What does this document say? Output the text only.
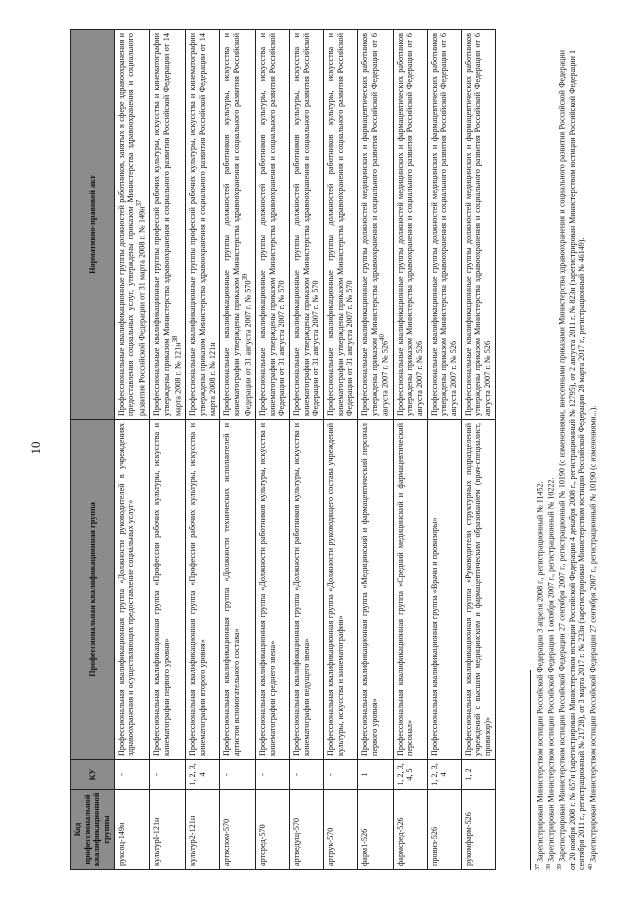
10
Код профессиональной квалификационной группы	КУ	Профессиональная квалификационная группа	Нормативно-правовой акт
руксоц-149н	-	Профессиональная квалификационная группа «Должности руководителей в учреждениях здравоохранения и осуществляющих предоставление социальных услуг»	Профессиональные квалификационные группы должностей работников, занятых в сфере здравоохранения и предоставления социальных услуг, утверждены приказом Министерства здравоохранения и социального развития Российской Федерации от 31 марта 2008 г. № $149н^{37}$
культуpl-121н	-	Профессиональная квалификационная группа «Профессии рабочих культуры, искусства и кинематографии первого уровня»	Профессиональные квалификационные группы профессий рабочих культуры, искусства и кинематографии утверждены приказом Министерства здравоохранения и социального развития Российской Федерации от 14 марта 2008 г. № $121н^{38}$
культур2-121н	1, 2, 3, 4	Профессиональная квалификационная группа «Профессии рабочих культуры, искусства и кинематографии второго уровня»	Профессиональные квалификационные группы профессий рабочих культуры, искусства и кинематографии утверждены приказом Министерства здравоохранения и социального развития Российской Федерации от 14 марта 2008 г. № 121н
артвспом-570	-	Профессиональная квалификационная группа «Должности технических исполнителей и артистов вспомогательного состава»	Профессиональные квалификационные группы должностей работников культуры, искусства и кинематографии утверждены приказом Министерства здравоохранения и социального развития Российской Федерации от 31 августа 2007 г. № $570^{39}$
артсред-570	-	Профессиональная квалификационная группа «Должности работников культуры, искусства и кинематографии среднего звена»	Профессиональные квалификационные группы должностей работников культуры, искусства и кинематографии утверждены приказом Министерства здравоохранения и социального развития Российской Федерации от 31 августа 2007 г. № 570
артведущ-570	-	Профессиональная квалификационная группа «Должности работников культуры, искусства и кинематографии ведущего звена»	Профессиональные квалификационные группы должностей работников культуры, искусства и кинематографии утверждены приказом Министерства здравоохранения и социального развития Российской Федерации от 31 августа 2007 г. № 570
артрук-570	-	Профессиональная квалификационная группа «Должности руководящего состава учреждений культуры, искусства и кинематографии»	Профессиональные квалификационные группы должностей работников культуры, искусства и кинематографии утверждены приказом Министерства здравоохранения и социального развития Российской Федерации от 31 августа 2007 г. № 570
фарм1-526	1	Профессиональная квалификационная группа «Медицинский и фармацевтический персонал первого уровня»	Профессиональные квалификационные группы должностей медицинских и фармацевтических работников утверждены приказом Министерства здравоохранения и социального развития Российской Федерации от 6 августа 2007 г. № $526^{40}$
фармсред-526	1, 2, 3, 4, 5	Профессиональная квалификационная группа «Средний медицинский и фармацевтический персонал»	Профессиональные квалификационные группы должностей медицинских и фармацевтических работников утверждены приказом Министерства здравоохранения и социального развития Российской Федерации от 6 августа 2007 г. № 526
провиз-526	1, 2, 3, 4	Профессиональная квалификационная группа «Врачи и провизоры»	Профессиональные квалификационные группы должностей медицинских и фармацевтических работников утверждены приказом Министерства здравоохранения и социального развития Российской Федерации от 6 августа 2007 г. № 526
рукомфарм-526	1, 2	Профессиональная квалификационная группа «Руководители структурных подразделений учреждений с высшим медицинским и фармацевтическим образованием (врач-специалист, провизор)»	Профессиональные квалификационные группы должностей медицинских и фармацевтических работников утверждены приказом Министерства здравоохранения и социального развития Российской Федерации от 6 августа 2007 г. № 526

$^{37}$ Зарегистрирован Министерством юстиции Российской Федерации 3 апреля 2008 г., регистрационный № 11452.

$^{38}$ Зарегистрирован Министерством юстиции Российской Федерации 1 октября 2007 г., регистрационный № 10222.

$^{39}$ Зарегистрирован Министерством юстиции Российской Федерации 27 сентября 2007 г., регистрационный № 10190 (с изменениями, внесенными приказами Министерства здравоохранения и социального развития Российской Федерации от 20 ноября 2008 г. № 657н (зарегистрирован Министерством юстиции Российской Федерации 4 декабря 2008 г., регистрационный № 12795), от 2 августа 2011 г. № 823н (зарегистрирован Министерством юстиции Российской Федерации 1 сентября 2011 г., регистрационный № 21728), от 3 марта 2017 г. № 233н (зарегистрирован Министерством юстиции Российской Федерации 28 марта 2017 г., регистрационный № 46149). $^{40}$ Зарегистрирован Министерством юстиции Российской Федерации 27 сентября 2007 г., регистрационный № 10190 (с изменениями...).
